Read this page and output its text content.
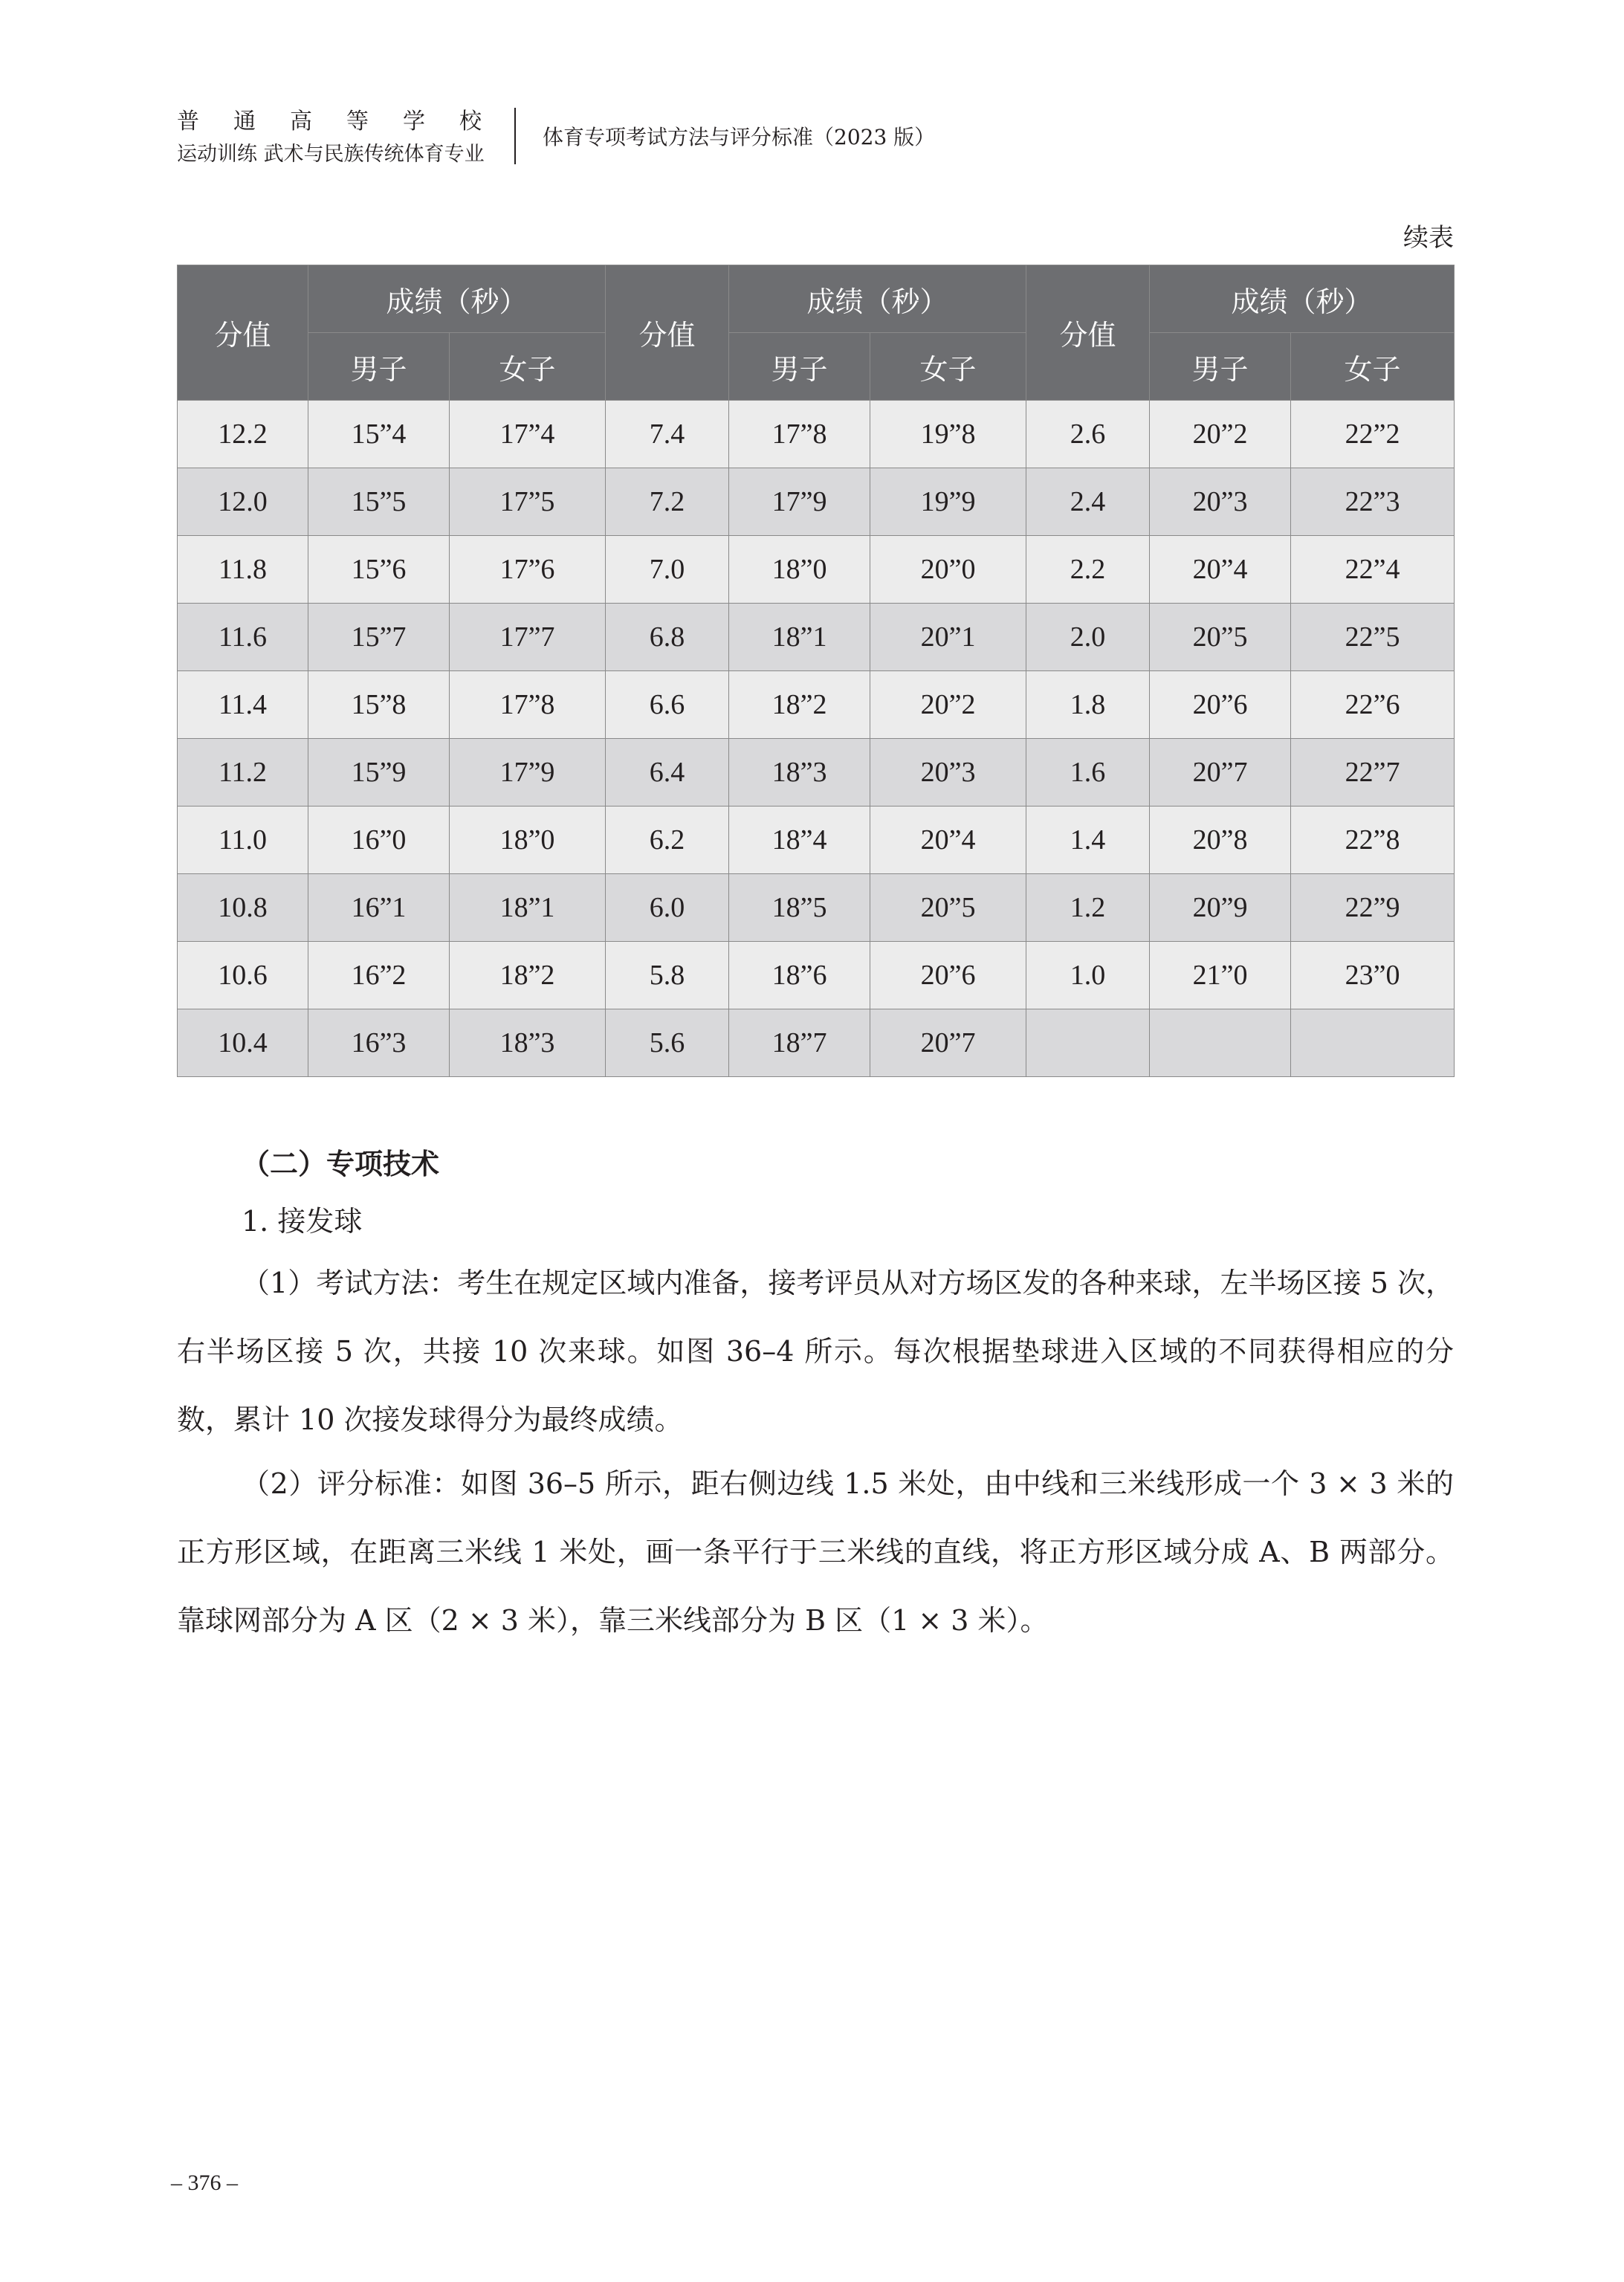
普 通 高 等 学 校
运动训练 武术与民族传统体育专业
体育专项考试方法与评分标准（2023 版）
续表
分值	成绩（秒）		分值	成绩（秒）		分值	成绩（秒）	
	男子	女子		男子	女子		男子	女子
12.2	15”4	17”4	7.4	17”8	19”8	2.6	20”2	22”2
12.0	15”5	17”5	7.2	17”9	19”9	2.4	20”3	22”3
11.8	15”6	17”6	7.0	18”0	20”0	2.2	20”4	22”4
11.6	15”7	17”7	6.8	18”1	20”1	2.0	20”5	22”5
11.4	15”8	17”8	6.6	18”2	20”2	1.8	20”6	22”6
11.2	15”9	17”9	6.4	18”3	20”3	1.6	20”7	22”7
11.0	16”0	18”0	6.2	18”4	20”4	1.4	20”8	22”8
10.8	16”1	18”1	6.0	18”5	20”5	1.2	20”9	22”9
10.6	16”2	18”2	5.8	18”6	20”6	1.0	21”0	23”0
10.4	16”3	18”3	5.6	18”7	20”7			
（二）专项技术
1. 接发球
（1）考试方法：考生在规定区域内准备，接考评员从对方场区发的各种来球，左半场区接 5 次，右半场区接 5 次，共接 10 次来球。如图 36–4 所示。每次根据垫球进入区域的不同获得相应的分数，累计 10 次接发球得分为最终成绩。
（2）评分标准：如图 36–5 所示，距右侧边线 1.5 米处，由中线和三米线形成一个 3 × 3 米的正方形区域，在距离三米线 1 米处，画一条平行于三米线的直线，将正方形区域分成 A、B 两部分。靠球网部分为 A 区（2 × 3 米），靠三米线部分为 B 区（1 × 3 米）。
– 376 –
